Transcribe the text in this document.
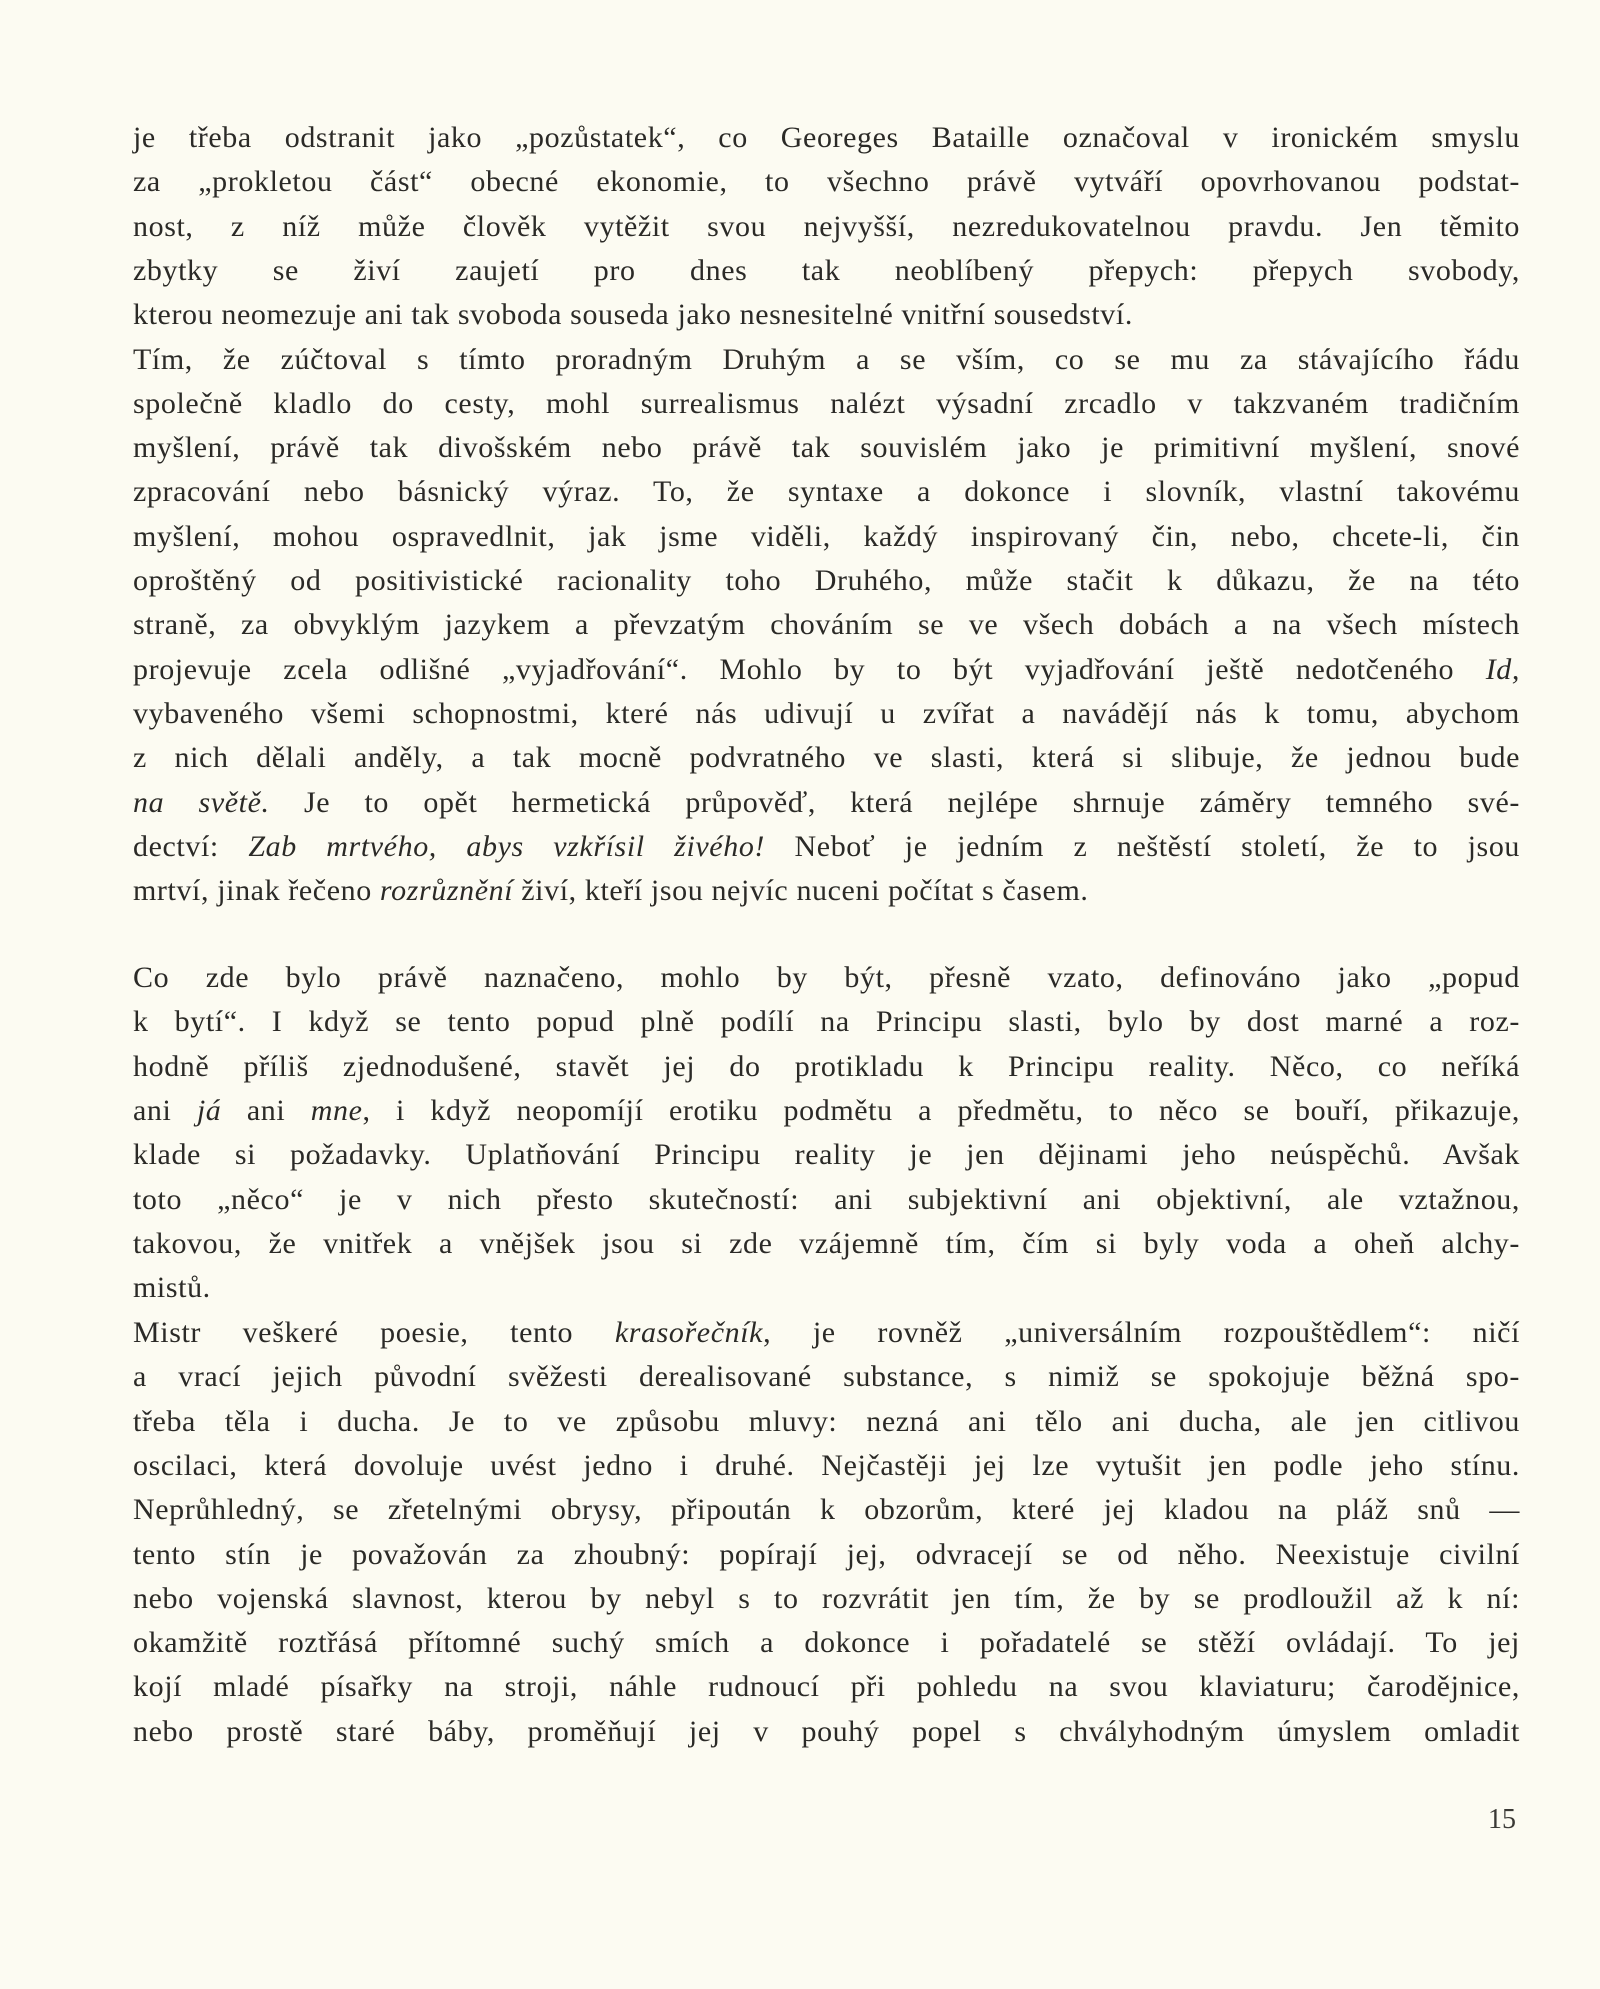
je třeba odstranit jako „pozůstatek“, co Georeges Bataille označoval v ironickém smyslu
za „prokletou část“ obecné ekonomie, to všechno právě vytváří opovrhovanou podstat-
nost, z níž může člověk vytěžit svou nejvyšší, nezredukovatelnou pravdu. Jen těmito
zbytky se živí zaujetí pro dnes tak neoblíbený přepych: přepych svobody,
kterou neomezuje ani tak svoboda souseda jako nesnesitelné vnitřní sousedství.
Tím, že zúčtoval s tímto proradným Druhým a se vším, co se mu za stávajícího řádu
společně kladlo do cesty, mohl surrealismus nalézt výsadní zrcadlo v takzvaném tradičním
myšlení, právě tak divošském nebo právě tak souvislém jako je primitivní myšlení, snové
zpracování nebo básnický výraz. To, že syntaxe a dokonce i slovník, vlastní takovému
myšlení, mohou ospravedlnit, jak jsme viděli, každý inspirovaný čin, nebo, chcete-li, čin
oproštěný od positivistické racionality toho Druhého, může stačit k důkazu, že na této
straně, za obvyklým jazykem a převzatým chováním se ve všech dobách a na všech místech
projevuje zcela odlišné „vyjadřování“. Mohlo by to být vyjadřování ještě nedotčeného Id,
vybaveného všemi schopnostmi, které nás udivují u zvířat a navádějí nás k tomu, abychom
z nich dělali anděly, a tak mocně podvratného ve slasti, která si slibuje, že jednou bude
na světě. Je to opět hermetická průpověď, která nejlépe shrnuje záměry temného své-
dectví: Zab mrtvého, abys vzkřísil živého! Neboť je jedním z neštěstí století, že to jsou
mrtví, jinak řečeno rozrůznění živí, kteří jsou nejvíc nuceni počítat s časem.
Co zde bylo právě naznačeno, mohlo by být, přesně vzato, definováno jako „popud
k bytí“. I když se tento popud plně podílí na Principu slasti, bylo by dost marné a roz-
hodně příliš zjednodušené, stavět jej do protikladu k Principu reality. Něco, co neříká
ani já ani mne, i když neopomíjí erotiku podmětu a předmětu, to něco se bouří, přikazuje,
klade si požadavky. Uplatňování Principu reality je jen dějinami jeho neúspěchů. Avšak
toto „něco“ je v nich přesto skutečností: ani subjektivní ani objektivní, ale vztažnou,
takovou, že vnitřek a vnějšek jsou si zde vzájemně tím, čím si byly voda a oheň alchy-
mistů.
Mistr veškeré poesie, tento krasořečník, je rovněž „universálním rozpouštědlem“: ničí
a vrací jejich původní svěžesti derealisované substance, s nimiž se spokojuje běžná spo-
třeba těla i ducha. Je to ve způsobu mluvy: nezná ani tělo ani ducha, ale jen citlivou
oscilaci, která dovoluje uvést jedno i druhé. Nejčastěji jej lze vytušit jen podle jeho stínu.
Neprůhledný, se zřetelnými obrysy, připoután k obzorům, které jej kladou na pláž snů —
tento stín je považován za zhoubný: popírají jej, odvracejí se od něho. Neexistuje civilní
nebo vojenská slavnost, kterou by nebyl s to rozvrátit jen tím, že by se prodloužil až k ní:
okamžitě roztřásá přítomné suchý smích a dokonce i pořadatelé se stěží ovládají. To jej
kojí mladé písařky na stroji, náhle rudnoucí při pohledu na svou klaviaturu; čarodějnice,
nebo prostě staré báby, proměňují jej v pouhý popel s chvályhodným úmyslem omladit
15
